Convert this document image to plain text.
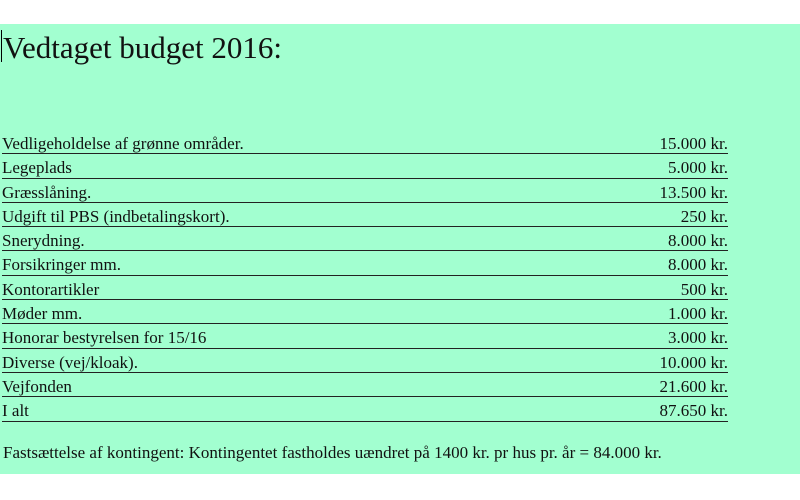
Vedtaget budget 2016:
Vedligeholdelse af grønne områder.	15.000 kr.
Legeplads	5.000 kr.
Græsslåning.	13.500 kr.
Udgift til PBS (indbetalingskort).	250 kr.
Snerydning.	8.000 kr.
Forsikringer mm.	8.000 kr.
Kontorartikler	500 kr.
Møder mm.	1.000 kr.
Honorar bestyrelsen for 15/16	3.000 kr.
Diverse (vej/kloak).	10.000 kr.
Vejfonden	21.600 kr.
I alt	87.650 kr.
Fastsættelse af kontingent: Kontingentet fastholdes uændret på 1400 kr. pr hus pr. år = 84.000 kr.
